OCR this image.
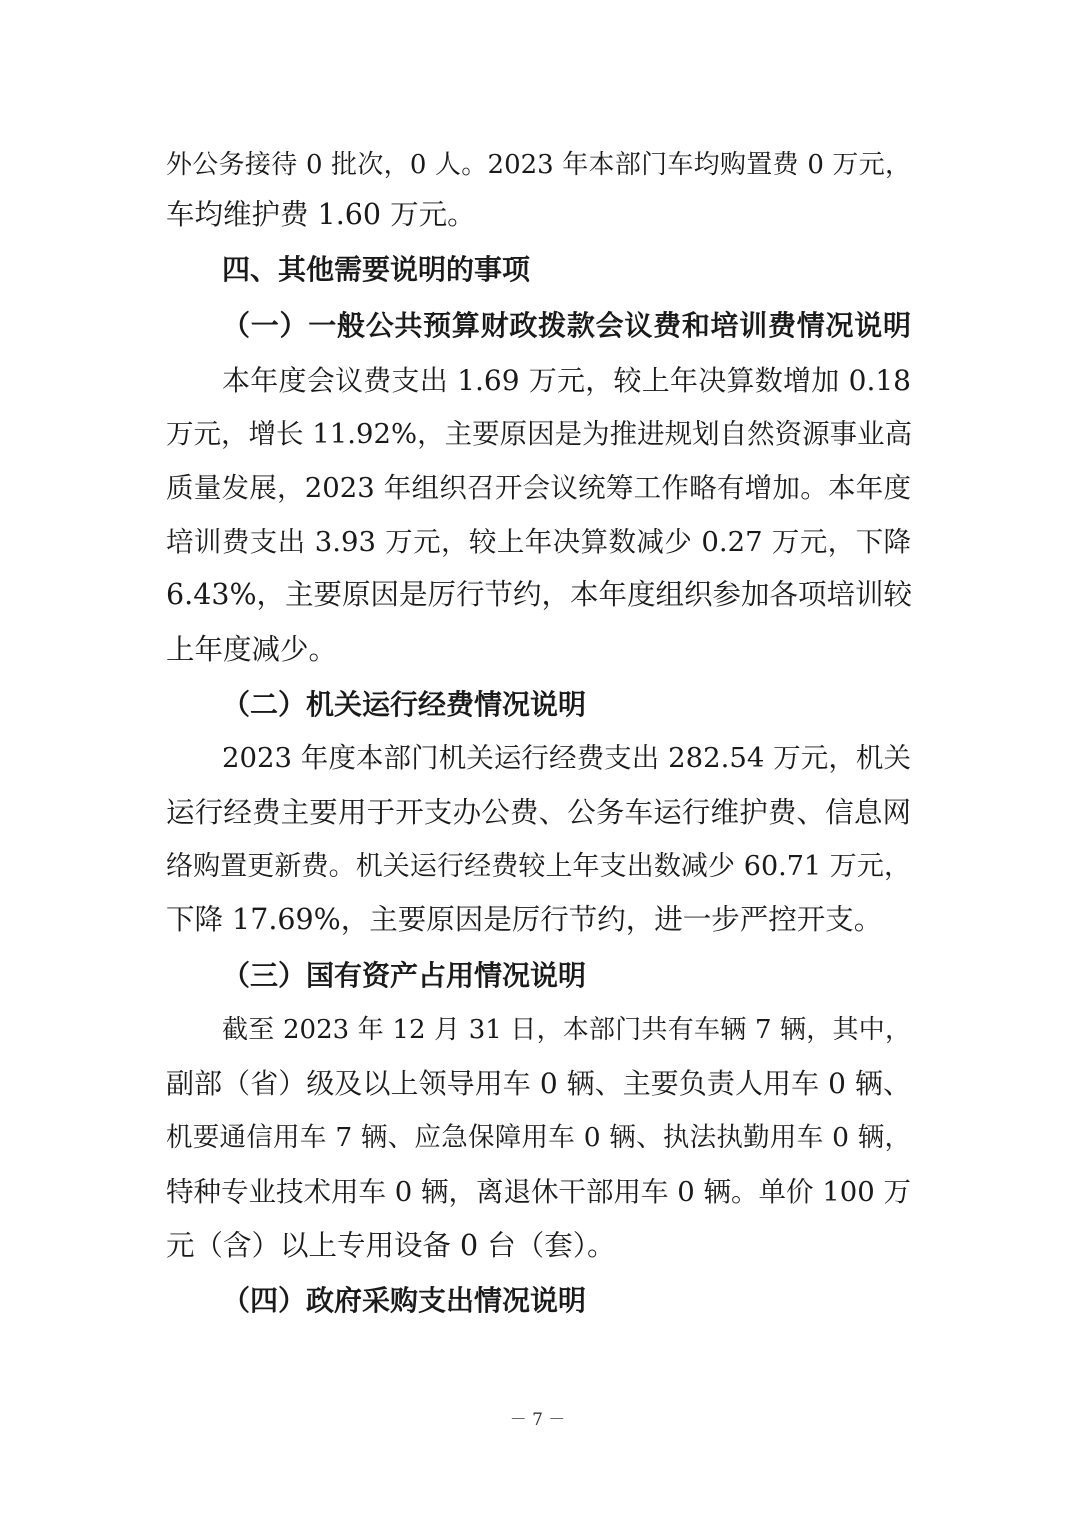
外公务接待 0 批次，0 人。2023 年本部门车均购置费 0 万元，
车均维护费 1.60 万元。
四、其他需要说明的事项
（一）一般公共预算财政拨款会议费和培训费情况说明
本年度会议费支出 1.69 万元，较上年决算数增加 0.18
万元，增长 11.92%，主要原因是为推进规划自然资源事业高
质量发展，2023 年组织召开会议统筹工作略有增加。本年度
培训费支出 3.93 万元，较上年决算数减少 0.27 万元，下降
6.43%，主要原因是厉行节约，本年度组织参加各项培训较
上年度减少。
（二）机关运行经费情况说明
2023 年度本部门机关运行经费支出 282.54 万元，机关
运行经费主要用于开支办公费、公务车运行维护费、信息网
络购置更新费。机关运行经费较上年支出数减少 60.71 万元，
下降 17.69%，主要原因是厉行节约，进一步严控开支。
（三）国有资产占用情况说明
截至 2023 年 12 月 31 日，本部门共有车辆 7 辆，其中，
副部（省）级及以上领导用车 0 辆、主要负责人用车 0 辆、
机要通信用车 7 辆、应急保障用车 0 辆、执法执勤用车 0 辆，
特种专业技术用车 0 辆，离退休干部用车 0 辆。单价 100 万
元（含）以上专用设备 0 台（套）。
（四）政府采购支出情况说明
－ 7 －
